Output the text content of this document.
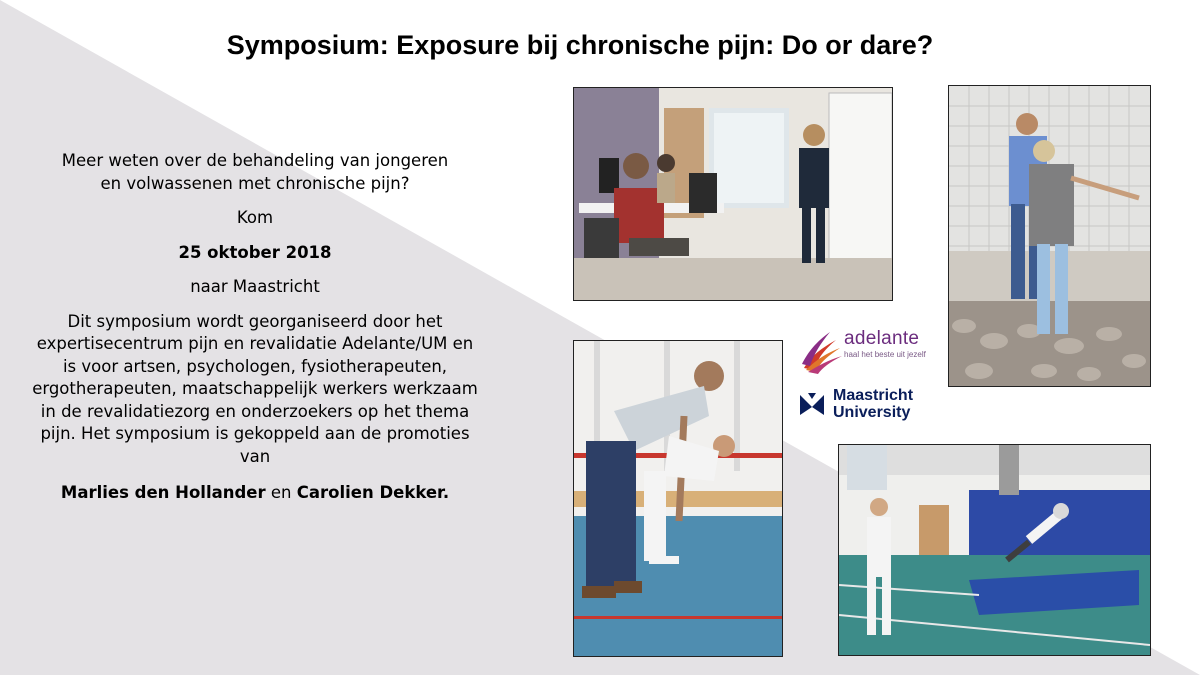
Symposium: Exposure bij chronische pijn: Do or dare?

Meer weten over de behandeling van jongeren
en volwassenen met chronische pijn?

Kom

25 oktober 2018

naar Maastricht

Dit symposium wordt georganiseerd door het expertisecentrum pijn en revalidatie Adelante/UM en is voor artsen, psychologen, fysiotherapeuten, ergotherapeuten, maatschappelijk werkers werkzaam in de revalidatiezorg en onderzoekers op het thema pijn. Het symposium is gekoppeld aan de promoties van

Marlies den Hollander en Carolien Dekker.

adelante
haal het beste uit jezelf
Maastricht
University
